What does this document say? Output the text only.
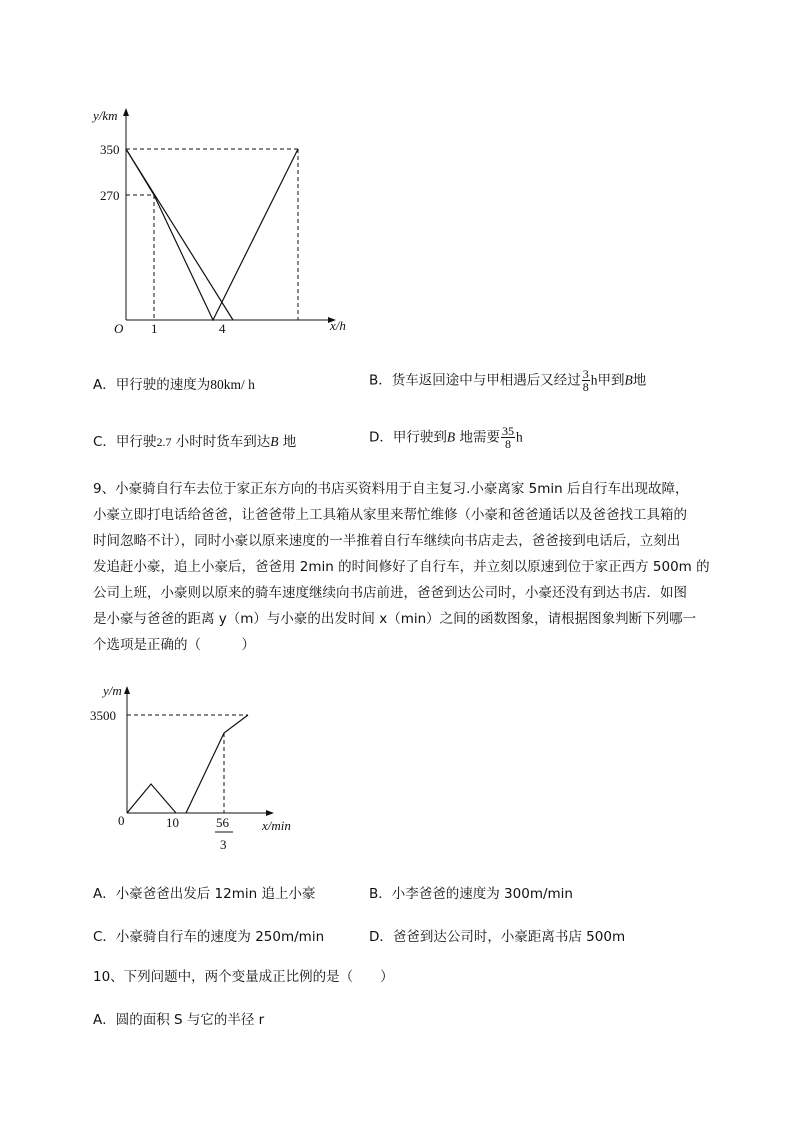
y/km
350
270
O 1	4	x/h
A．甲行驶的速度为80km/ h	B．货车返回途中与甲相遇后又经过 $\frac{3}{8}$ h甲到B地
C．甲行驶2.7 小时时货车到达B 地	D．甲行驶到B 地需要 $\frac{35}{8}$ h
9、小豪骑自行车去位于家正东方向的书店买资料用于自主复习.小豪离家 5min 后自行车出现故障，
小豪立即打电话给爸爸，让爸爸带上工具箱从家里来帮忙维修（小豪和爸爸通话以及爸爸找工具箱的
时间忽略不计），同时小豪以原来速度的一半推着自行车继续向书店走去，爸爸接到电话后，立刻出
发追赶小豪，追上小豪后，爸爸用 2min 的时间修好了自行车，并立刻以原速到位于家正西方 500m 的
公司上班，小豪则以原来的骑车速度继续向书店前进，爸爸到达公司时，小豪还没有到达书店．如图
是小豪与爸爸的距离 y（m）与小豪的出发时间 x（min）之间的函数图象，请根据图象判断下列哪一
个选项是正确的（　　　）
y/m
3500
0	10	56
3
x/min
A．小豪爸爸出发后 12min 追上小豪	B．小李爸爸的速度为 300m/min
C．小豪骑自行车的速度为 250m/min	D．爸爸到达公司时，小豪距离书店 500m
10、下列问题中，两个变量成正比例的是（　　）
A．圆的面积 S 与它的半径 r
